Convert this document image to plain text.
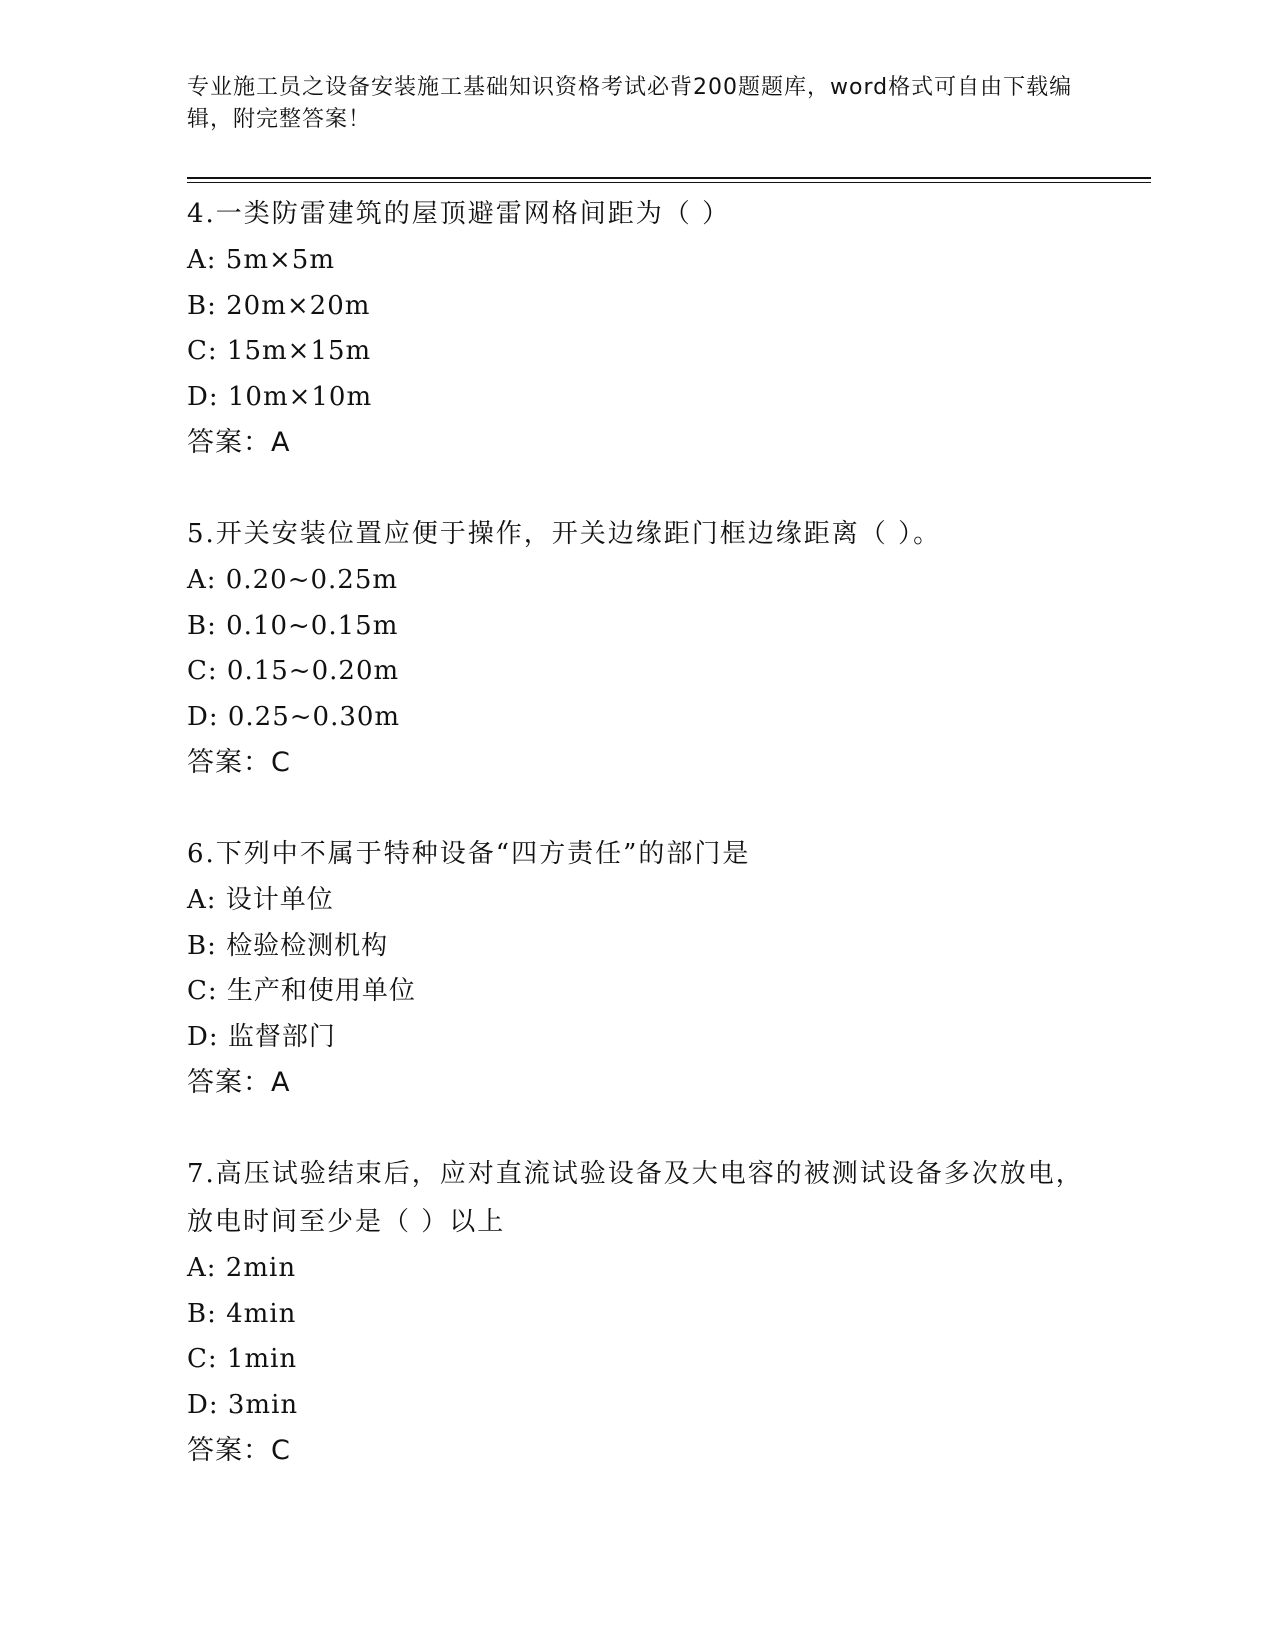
专业施工员之设备安装施工基础知识资格考试必背200题题库，word格式可自由下载编辑，附完整答案！
4.一类防雷建筑的屋顶避雷网格间距为（ ）
A: 5m×5m
B: 20m×20m
C: 15m×15m
D: 10m×10m
答案：A
5.开关安装位置应便于操作，开关边缘距门框边缘距离（ ）。
A: 0.20~0.25m
B: 0.10~0.15m
C: 0.15~0.20m
D: 0.25~0.30m
答案：C
6.下列中不属于特种设备“四方责任”的部门是
A: 设计单位
B: 检验检测机构
C: 生产和使用单位
D: 监督部门
答案：A
7.高压试验结束后，应对直流试验设备及大电容的被测试设备多次放电，放电时间至少是（ ）以上
A: 2min
B: 4min
C: 1min
D: 3min
答案：C
